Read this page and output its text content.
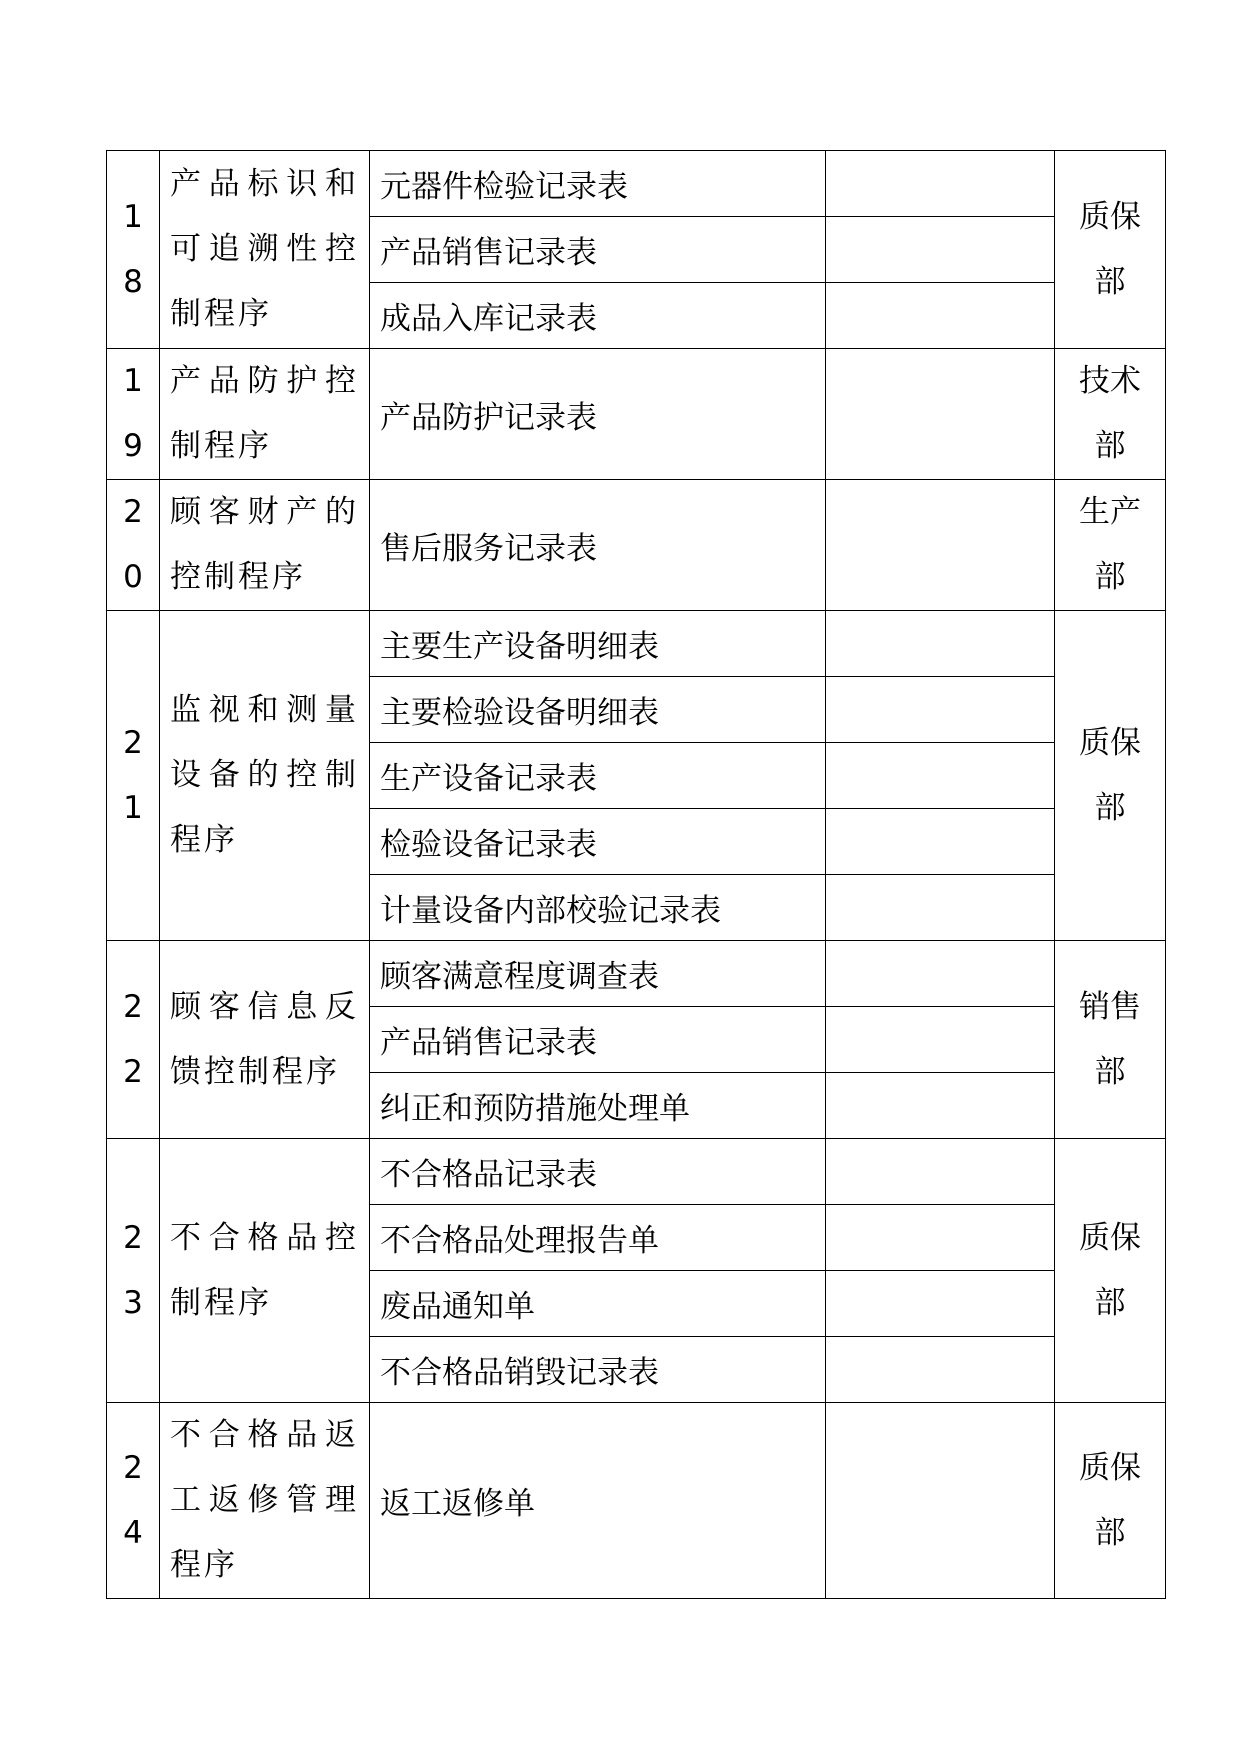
18	产品标识和可追溯性控制程序	元器件检验记录表		质保部

		产品销售记录表		
		成品入库记录表		

19	产品防护控制程序	产品防护记录表		技术部

20	顾客财产的控制程序	售后服务记录表		生产部

21	监视和测量设备的控制程序	主要生产设备明细表		质保部

		主要检验设备明细表		
		生产设备记录表		
		检验设备记录表		
		计量设备内部校验记录表		

22	顾客信息反馈控制程序	顾客满意程度调查表		销售部

		产品销售记录表		
		纠正和预防措施处理单		

23	不合格品控制程序	不合格品记录表		质保部

		不合格品处理报告单		
		废品通知单		
		不合格品销毁记录表		

24	不合格品返工返修管理程序	返工返修单		质保部
